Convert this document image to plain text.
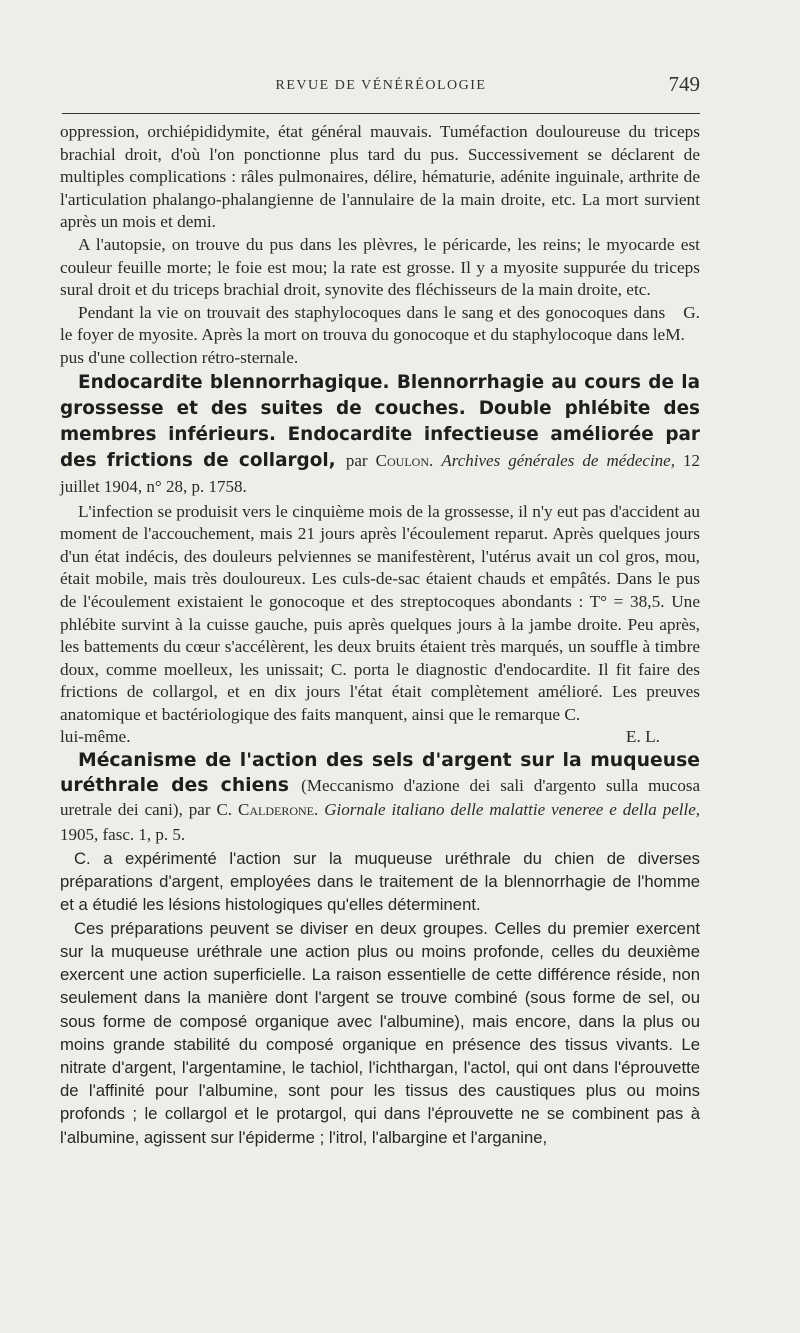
REVUE DE VÉNÉRÉOLOGIE	749

oppression, orchiépididymite, état général mauvais. Tuméfaction douloureuse du triceps brachial droit, d'où l'on ponctionne plus tard du pus. Successivement se déclarent de multiples complications : râles pulmonaires, délire, hématurie, adénite inguinale, arthrite de l'articulation phalango-phalangienne de l'annulaire de la main droite, etc. La mort survient après un mois et demi.

A l'autopsie, on trouve du pus dans les plèvres, le péricarde, les reins; le myocarde est couleur feuille morte; le foie est mou; la rate est grosse. Il y a myosite suppurée du triceps sural droit et du triceps brachial droit, synovite des fléchisseurs de la main droite, etc.

Pendant la vie on trouvait des staphylocoques dans le sang et des gonocoques dans le foyer de myosite. Après la mort on trouva du gonocoque et du staphylocoque dans le pus d'une collection rétro-sternale.
G. M.

Endocardite blennorrhagique. Blennorrhagie au cours de la grossesse et des suites de couches. Double phlébite des membres inférieurs. Endocardite infectieuse améliorée par des frictions de collargol, par Coulon. Archives générales de médecine, 12 juillet 1904, n° 28, p. 1758.

L'infection se produisit vers le cinquième mois de la grossesse, il n'y eut pas d'accident au moment de l'accouchement, mais 21 jours après l'écoulement reparut. Après quelques jours d'un état indécis, des douleurs pelviennes se manifestèrent, l'utérus avait un col gros, mou, était mobile, mais très douloureux. Les culs-de-sac étaient chauds et empâtés. Dans le pus de l'écoulement existaient le gonocoque et des streptocoques abondants : T° = 38,5. Une phlébite survint à la cuisse gauche, puis après quelques jours à la jambe droite. Peu après, les battements du cœur s'accélèrent, les deux bruits étaient très marqués, un souffle à timbre doux, comme moelleux, les unissait; C. porta le diagnostic d'endocardite. Il fit faire des frictions de collargol, et en dix jours l'état était complètement amélioré. Les preuves anatomique et bactériologique des faits manquent, ainsi que le remarque C.

lui-même.	E. L.

Mécanisme de l'action des sels d'argent sur la muqueuse uréthrale des chiens (Meccanismo d'azione dei sali d'argento sulla mucosa uretrale dei cani), par C. Calderone. Giornale italiano delle malattie veneree e della pelle, 1905, fasc. 1, p. 5.

C. a expérimenté l'action sur la muqueuse uréthrale du chien de diverses préparations d'argent, employées dans le traitement de la blennorrhagie de l'homme et a étudié les lésions histologiques qu'elles déterminent.

Ces préparations peuvent se diviser en deux groupes. Celles du premier exercent sur la muqueuse uréthrale une action plus ou moins profonde, celles du deuxième exercent une action superficielle. La raison essentielle de cette différence réside, non seulement dans la manière dont l'argent se trouve combiné (sous forme de sel, ou sous forme de composé organique avec l'albumine), mais encore, dans la plus ou moins grande stabilité du composé organique en présence des tissus vivants. Le nitrate d'argent, l'argentamine, le tachiol, l'ichthargan, l'actol, qui ont dans l'éprouvette de l'affinité pour l'albumine, sont pour les tissus des caustiques plus ou moins profonds ; le collargol et le protargol, qui dans l'éprouvette ne se combinent pas à l'albumine, agissent sur l'épiderme ; l'itrol, l'albargine et l'arganine,
